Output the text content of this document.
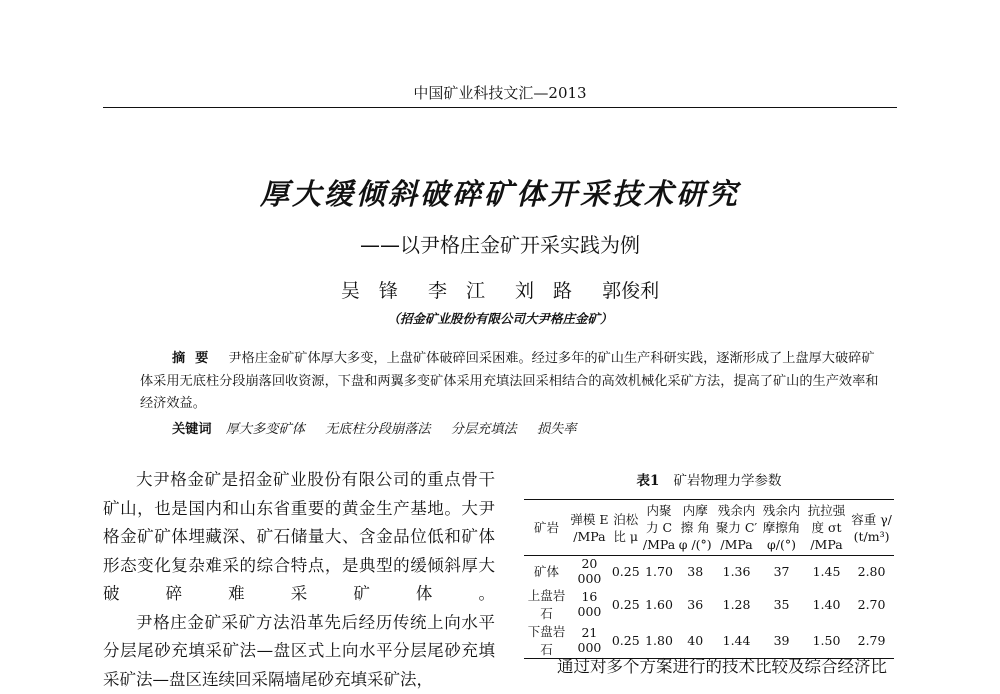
中国矿业科技文汇—2013
厚大缓倾斜破碎矿体开采技术研究
——以尹格庄金矿开采实践为例
吴　锋 李　江 刘　路 郭俊利
（招金矿业股份有限公司大尹格庄金矿）
摘要 尹格庄金矿矿体厚大多变，上盘矿体破碎回采困难。经过多年的矿山生产科研实践，逐渐形成了上盘厚大破碎矿体采用无底柱分段崩落回收资源，下盘和两翼多变矿体采用充填法回采相结合的高效机械化采矿方法，提高了矿山的生产效率和经济效益。
关键词 厚大多变矿体 无底柱分段崩落法 分层充填法 损失率

大尹格金矿是招金矿业股份有限公司的重点骨干矿山，也是国内和山东省重要的黄金生产基地。大尹格金矿矿体埋藏深、矿石储量大、含金品位低和矿体形态变化复杂难采的综合特点，是典型的缓倾斜厚大破碎难采矿体。

尹格庄金矿采矿方法沿革先后经历传统上向水平分层尾砂充填采矿法—盘区式上向水平分层尾砂充填采矿法—盘区连续回采隔墙尾砂充填采矿法，

表1 矿岩物理力学参数
矿岩	弹模 E /MPa	泊松 比 μ	内聚 力 C /MPa	内摩擦 角 φ /(°)	残余内 聚力 C′ /MPa	残余内 摩擦角 φ/(°)	抗拉强 度 σt /MPa	容重 γ/ (t/m³)
矿体	20 000	0.25	1.70	38	1.36	37	1.45	2.80
上盘岩石	16 000	0.25	1.60	36	1.28	35	1.40	2.70
下盘岩石	21 000	0.25	1.80	40	1.44	39	1.50	2.79
通过对多个方案进行的技术比较及综合经济比
